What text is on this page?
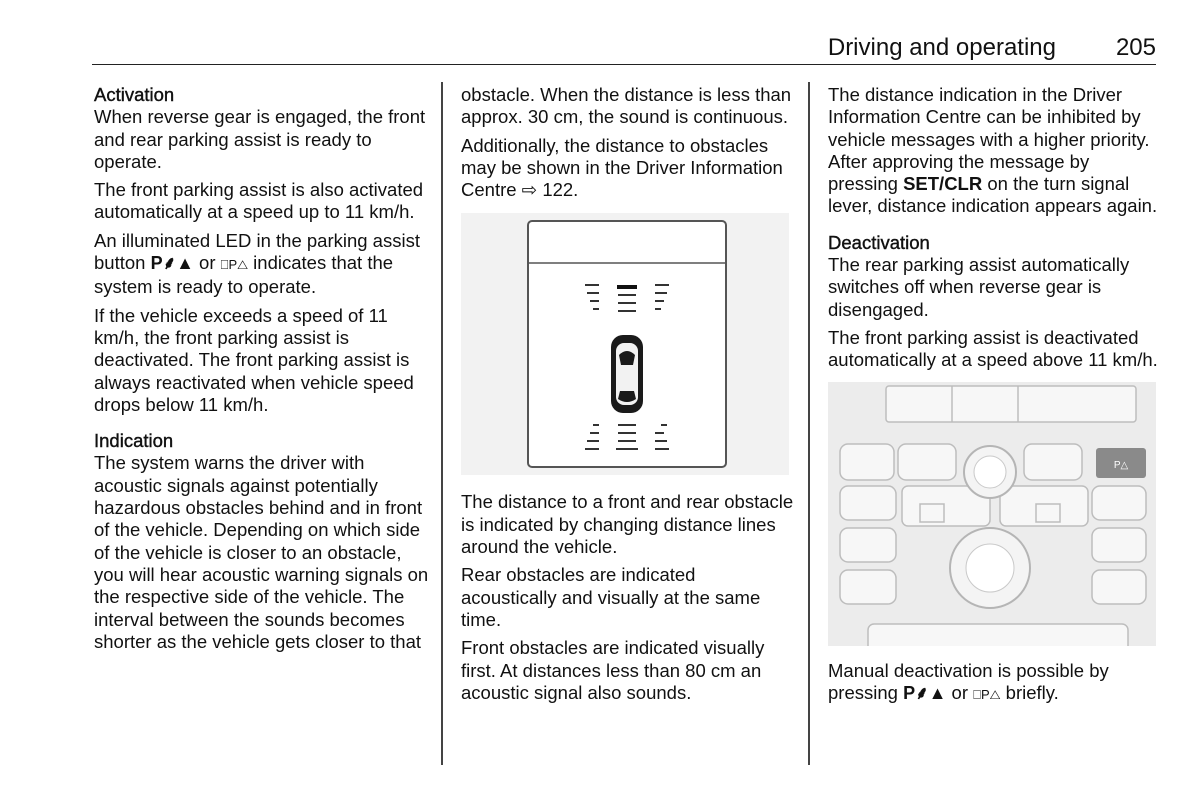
Driving and operating 205
Activation

When reverse gear is engaged, the front and rear parking assist is ready to operate.

The front parking assist is also activated automatically at a speed up to 11 km/h.

An illuminated LED in the parking assist button P⸙▲ or ⎕P△ indicates that the system is ready to operate.

If the vehicle exceeds a speed of 11 km/h, the front parking assist is deactivated. The front parking assist is always reactivated when vehicle speed drops below 11 km/h.

Indication

The system warns the driver with acoustic signals against potentially hazardous obstacles behind and in front of the vehicle. Depending on which side of the vehicle is closer to an obstacle, you will hear acoustic warning signals on the respective side of the vehicle. The interval between the sounds becomes shorter as the vehicle gets closer to that

obstacle. When the distance is less than approx. 30 cm, the sound is continuous.

Additionally, the distance to obstacles may be shown in the Driver Information Centre ⇨ 122.

The distance to a front and rear obstacle is indicated by changing distance lines around the vehicle.

Rear obstacles are indicated acoustically and visually at the same time.

Front obstacles are indicated visually first. At distances less than 80 cm an acoustic signal also sounds.

The distance indication in the Driver Information Centre can be inhibited by vehicle messages with a higher priority. After approving the message by pressing SET/CLR on the turn signal lever, distance indication appears again.

Deactivation

The rear parking assist automatically switches off when reverse gear is disengaged.

The front parking assist is deactivated automatically at a speed above 11 km/h.

P△

Manual deactivation is possible by pressing P⸙▲ or ⎕P△ briefly.
